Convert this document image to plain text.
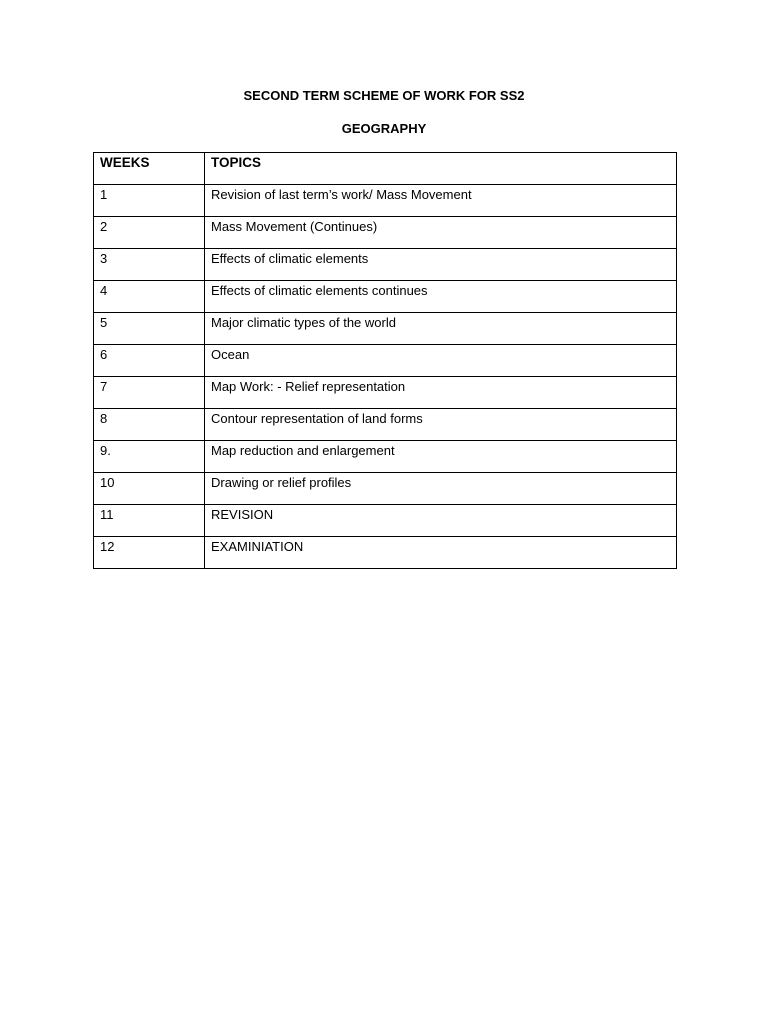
SECOND TERM SCHEME OF WORK FOR SS2

GEOGRAPHY

WEEKS	TOPICS
1	Revision of last term’s work/ Mass Movement
2	Mass Movement (Continues)
3	Effects of climatic elements
4	Effects of climatic elements continues
5	Major climatic types of the world
6	Ocean
7	Map Work: - Relief representation
8	Contour representation of land forms
9.	Map reduction and enlargement
10	Drawing or relief profiles
11	REVISION
12	EXAMINIATION
